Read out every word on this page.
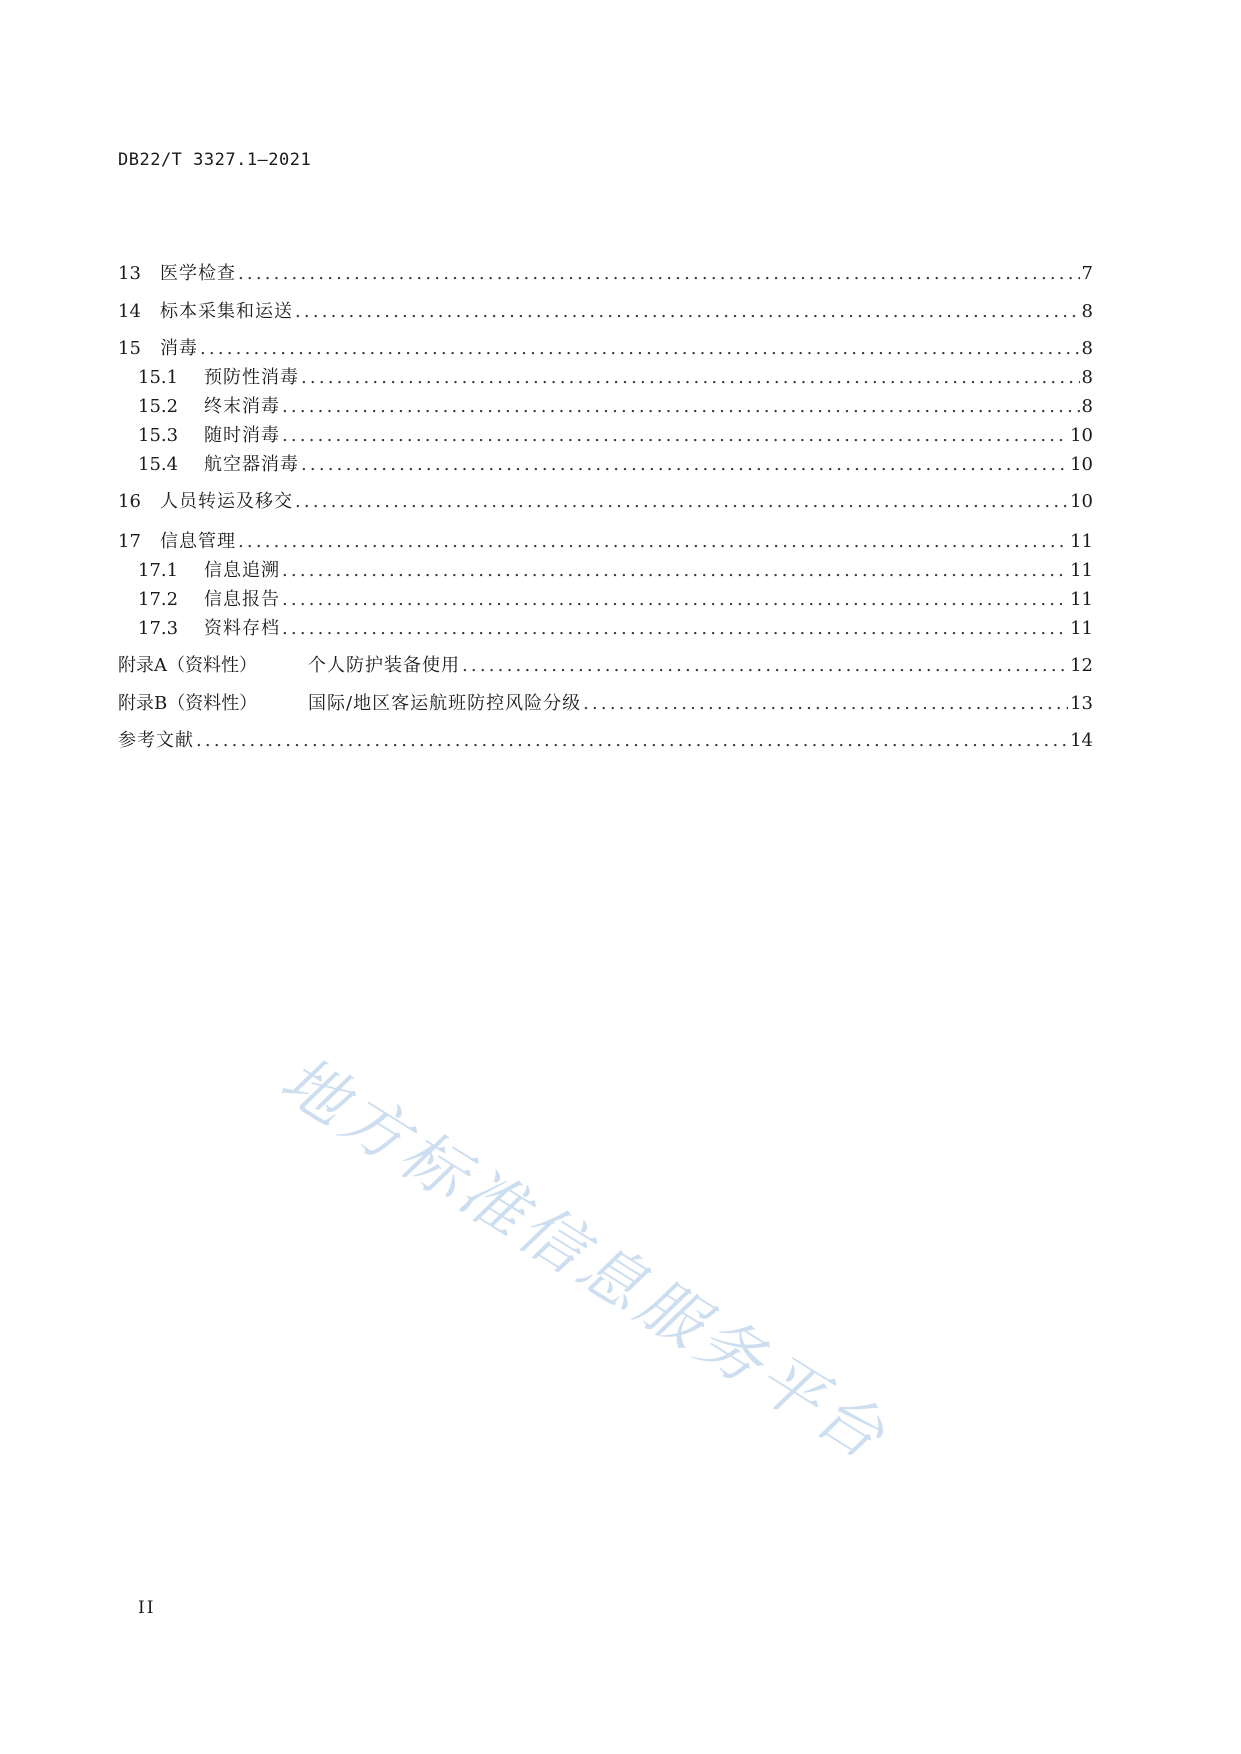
DB22/T 3327.1—2021
13	医学检查 .....	7
14	标本采集和运送 .....	8
15	消毒 .....	8
15.1	预防性消毒 .....	8
15.2	终末消毒 .....	8
15.3	随时消毒 .....	10
15.4	航空器消毒 .....	10
16	人员转运及移交 .....	10
17	信息管理 .....	11
17.1	信息追溯 .....	11
17.2	信息报告 .....	11
17.3	资料存档 .....	11
附录A（资料性）	个人防护装备使用 .....	12
附录B（资料性）	国际/地区客运航班防控风险分级 .....	13
参考文献 .....	14
地方标准信息服务平台
II
